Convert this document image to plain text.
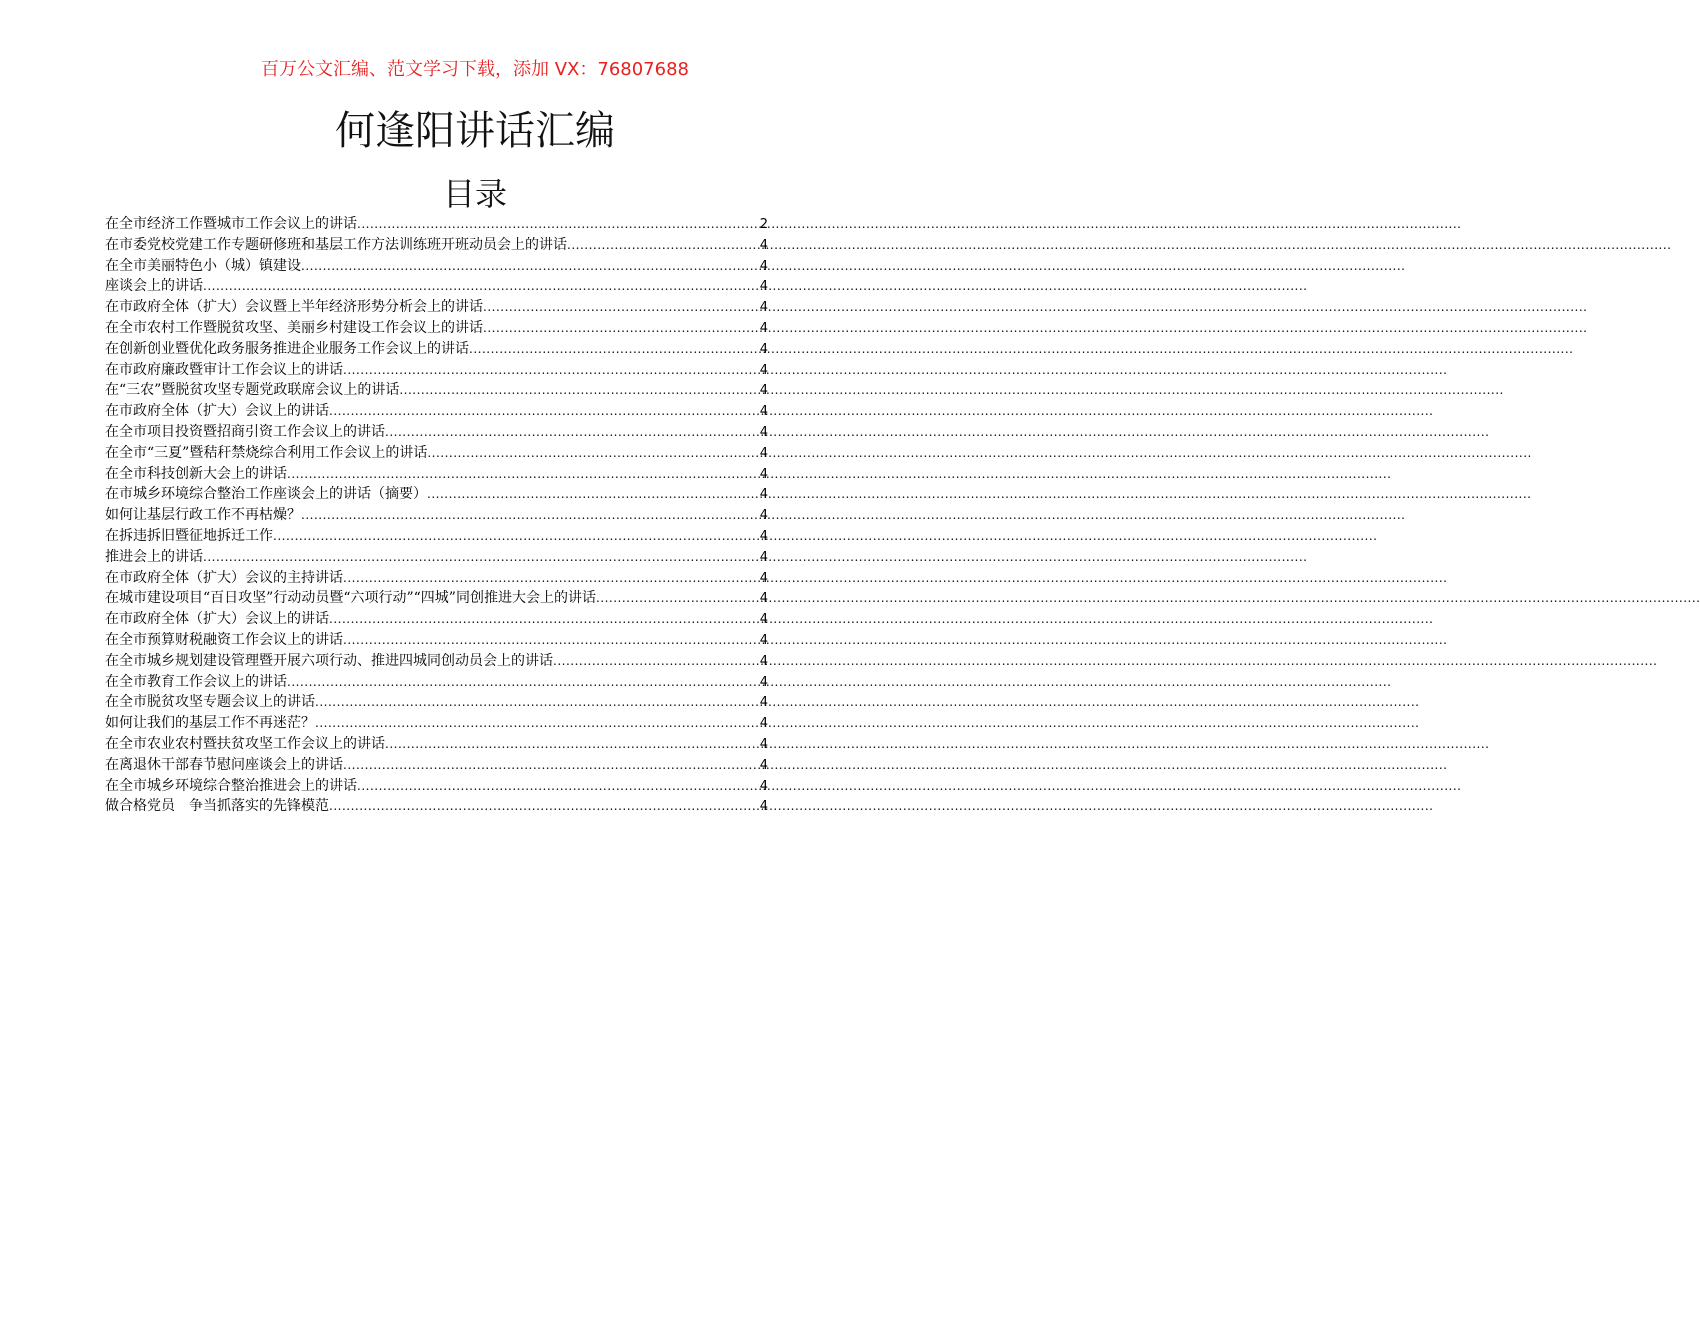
百万公文汇编、范文学习下载，添加 VX：76807688
何逢阳讲话汇编
目录
在全市经济工作暨城市工作会议上的讲话 .....	2
在市委党校党建工作专题研修班和基层工作方法训练班开班动员会上的讲话 .....	4
在全市美丽特色小（城）镇建设 .....	4
座谈会上的讲话 .....	4
在市政府全体（扩大）会议暨上半年经济形势分析会上的讲话 .....	4
在全市农村工作暨脱贫攻坚、美丽乡村建设工作会议上的讲话 .....	4
在创新创业暨优化政务服务推进企业服务工作会议上的讲话 .....	4
在市政府廉政暨审计工作会议上的讲话 .....	4
在“三农”暨脱贫攻坚专题党政联席会议上的讲话 .....	4
在市政府全体（扩大）会议上的讲话 .....	4
在全市项目投资暨招商引资工作会议上的讲话 .....	4
在全市“三夏”暨秸秆禁烧综合利用工作会议上的讲话 .....	4
在全市科技创新大会上的讲话 .....	4
在市城乡环境综合整治工作座谈会上的讲话（摘要） .....	4
如何让基层行政工作不再枯燥？ .....	4
在拆违拆旧暨征地拆迁工作 .....	4
推进会上的讲话 .....	4
在市政府全体（扩大）会议的主持讲话 .....	4
在城市建设项目“百日攻坚”行动动员暨“六项行动”“四城”同创推进大会上的讲话 .....	4
在市政府全体（扩大）会议上的讲话 .....	4
在全市预算财税融资工作会议上的讲话 .....	4
在全市城乡规划建设管理暨开展六项行动、推进四城同创动员会上的讲话 .....	4
在全市教育工作会议上的讲话 .....	4
在全市脱贫攻坚专题会议上的讲话 .....	4
如何让我们的基层工作不再迷茫？ .....	4
在全市农业农村暨扶贫攻坚工作会议上的讲话 .....	4
在离退休干部春节慰问座谈会上的讲话 .....	4
在全市城乡环境综合整治推进会上的讲话 .....	4
做合格党员　争当抓落实的先锋模范 .....	4
